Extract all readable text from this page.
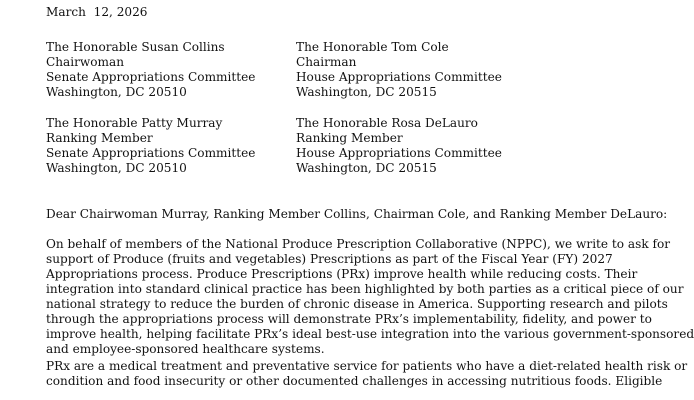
March  12, 2026
The Honorable Susan Collins
Chairwoman
Senate Appropriations Committee
Washington, DC 20510
The Honorable Tom Cole
Chairman
House Appropriations Committee
Washington, DC 20515
The Honorable Patty Murray
Ranking Member
Senate Appropriations Committee
Washington, DC 20510
The Honorable Rosa DeLauro
Ranking Member
House Appropriations Committee
Washington, DC 20515
Dear Chairwoman Murray, Ranking Member Collins, Chairman Cole, and Ranking Member DeLauro:
On behalf of members of the National Produce Prescription Collaborative (NPPC), we write to ask for
support of Produce (fruits and vegetables) Prescriptions as part of the Fiscal Year (FY) 2027
Appropriations process. Produce Prescriptions (PRx) improve health while reducing costs. Their
integration into standard clinical practice has been highlighted by both parties as a critical piece of our
national strategy to reduce the burden of chronic disease in America. Supporting research and pilots
through the appropriations process will demonstrate PRx’s implementability, fidelity, and power to
improve health, helping facilitate PRx’s ideal best-use integration into the various government-sponsored
and employee-sponsored healthcare systems.
PRx are a medical treatment and preventative service for patients who have a diet-related health risk or
condition and food insecurity or other documented challenges in accessing nutritious foods. Eligible
